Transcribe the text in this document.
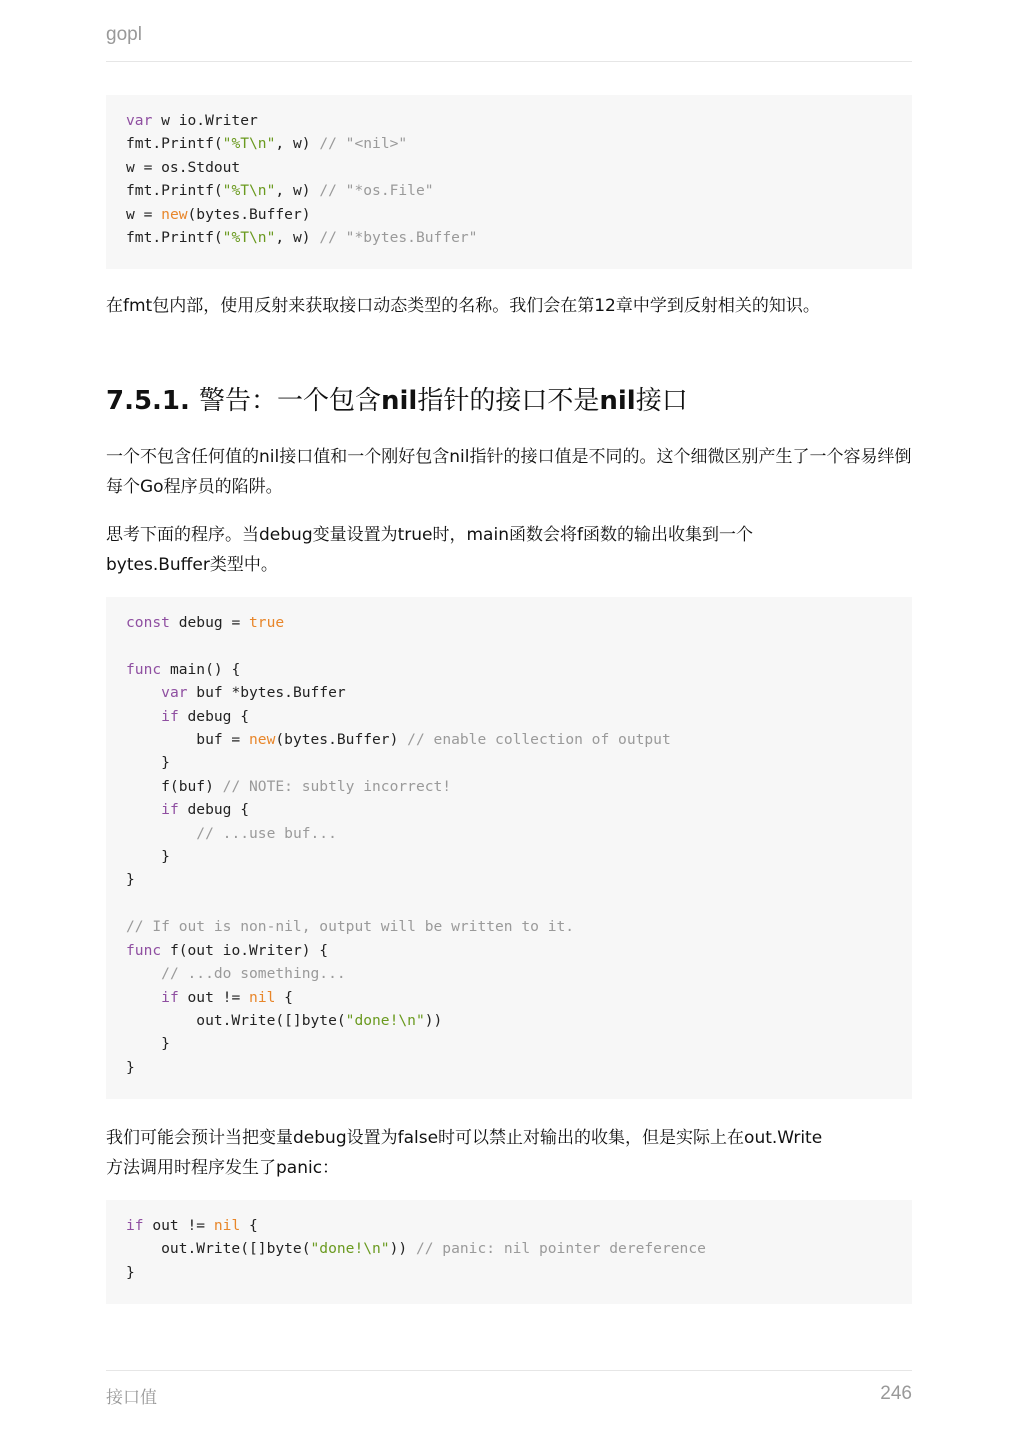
gopl
var w io.Writer
fmt.Printf("%T\n", w) // "<nil>"
w = os.Stdout
fmt.Printf("%T\n", w) // "*os.File"
w = new(bytes.Buffer)
fmt.Printf("%T\n", w) // "*bytes.Buffer"
在fmt包内部，使用反射来获取接口动态类型的名称。我们会在第12章中学到反射相关的知识。
7.5.1. 警告：一个包含nil指针的接口不是nil接口
一个不包含任何值的nil接口值和一个刚好包含nil指针的接口值是不同的。这个细微区别产生了一个容易绊倒每个Go程序员的陷阱。
思考下面的程序。当debug变量设置为true时，main函数会将f函数的输出收集到一个
bytes.Buffer类型中。
const debug = true

func main() {
var buf *bytes.Buffer
if debug {
buf = new(bytes.Buffer) // enable collection of output
}
f(buf) // NOTE: subtly incorrect!
if debug {
// ...use buf...
}
}

// If out is non-nil, output will be written to it.
func f(out io.Writer) {
// ...do something...
if out != nil {
out.Write([]byte("done!\n"))
}
}
我们可能会预计当把变量debug设置为false时可以禁止对输出的收集，但是实际上在out.Write
方法调用时程序发生了panic：
if out != nil {
out.Write([]byte("done!\n")) // panic: nil pointer dereference
}
接口值	246
